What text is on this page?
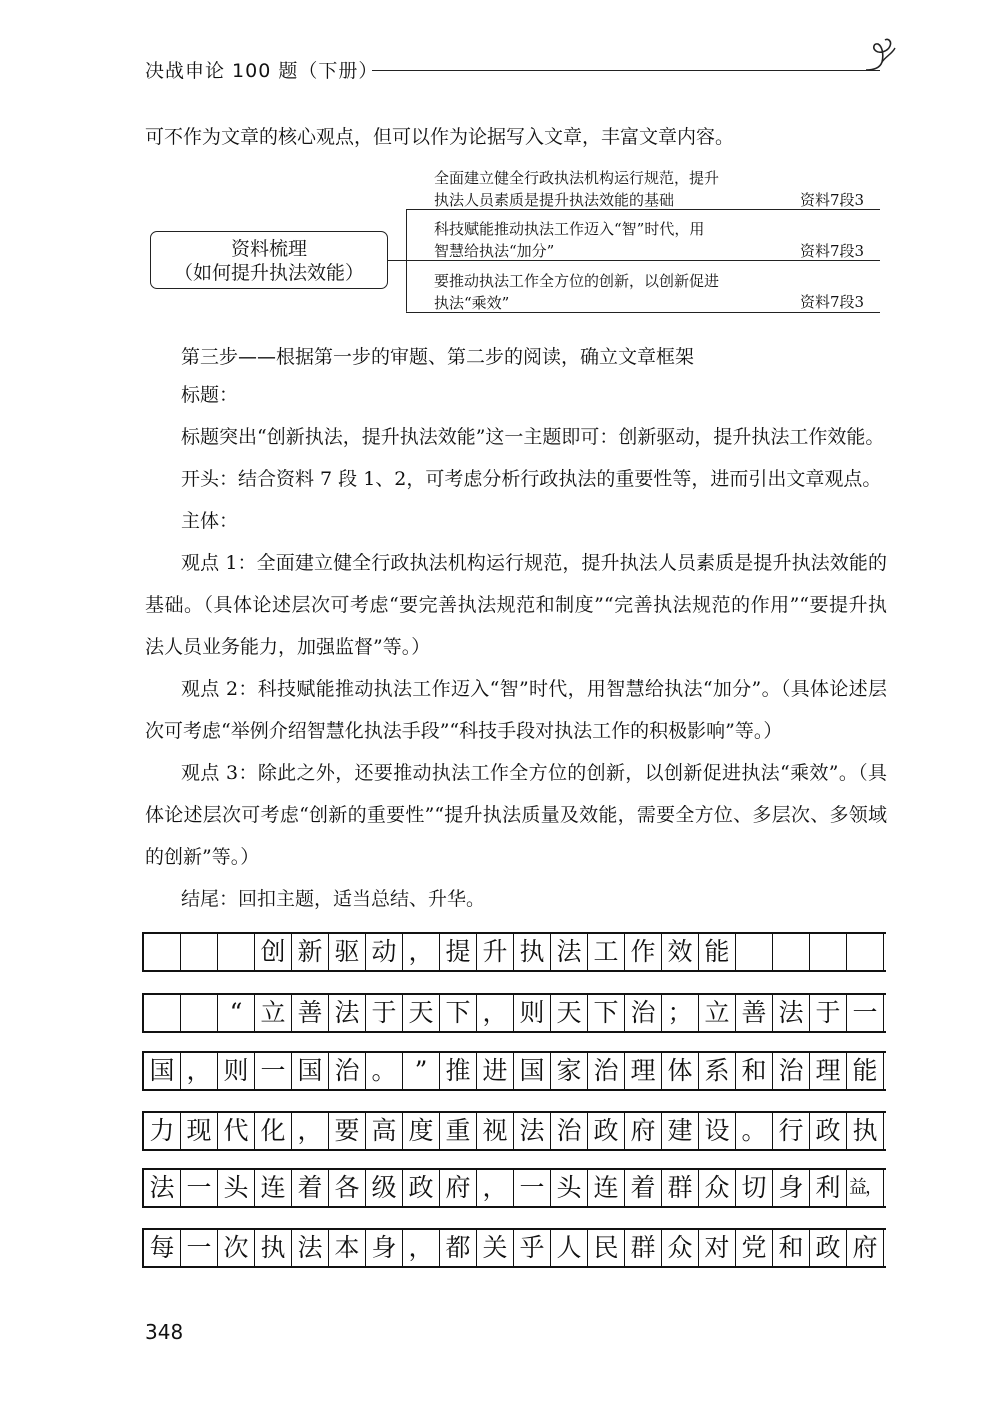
决战申论 100 题（下册）
可不作为文章的核心观点，但可以作为论据写入文章，丰富文章内容。
资料梳理
（如何提升执法效能）
全面建立健全行政执法机构运行规范，提升
执法人员素质是提升执法效能的基础	资料7段3
科技赋能推动执法工作迈入“智”时代，用
智慧给执法“加分”	资料7段3
要推动执法工作全方位的创新，以创新促进
执法“乘效”	资料7段3
第三步——根据第一步的审题、第二步的阅读，确立文章框架
标题：
标题突出“创新执法，提升执法效能”这一主题即可：创新驱动，提升执法工作效能。
开头：结合资料 7 段 1、2，可考虑分析行政执法的重要性等，进而引出文章观点。
主体：
观点 1：全面建立健全行政执法机构运行规范，提升执法人员素质是提升执法效能的基础。（具体论述层次可考虑“要完善执法规范和制度”“完善执法规范的作用”“要提升执法人员业务能力，加强监督”等。）
观点 2：科技赋能推动执法工作迈入“智”时代，用智慧给执法“加分”。（具体论述层次可考虑“举例介绍智慧化执法手段”“科技手段对执法工作的积极影响”等。）
观点 3：除此之外，还要推动执法工作全方位的创新，以创新促进执法“乘效”。（具体论述层次可考虑“创新的重要性”“提升执法质量及效能，需要全方位、多层次、多领域的创新”等。）
结尾：回扣主题，适当总结、升华。
创 新 驱 动 ， 提 升 执 法 工 作 效 能
“ 立 善 法 于 天 下 ， 则 天 下 治 ； 立 善 法 于 一
国 ， 则 一 国 治 。 ” 推 进 国 家 治 理 体 系 和 治 理 能
力 现 代 化 ， 要 高 度 重 视 法 治 政 府 建 设 。 行 政 执
法 一 头 连 着 各 级 政 府 ， 一 头 连 着 群 众 切 身 利 益，
每 一 次 执 法 本 身 ， 都 关 乎 人 民 群 众 对 党 和 政 府
348
